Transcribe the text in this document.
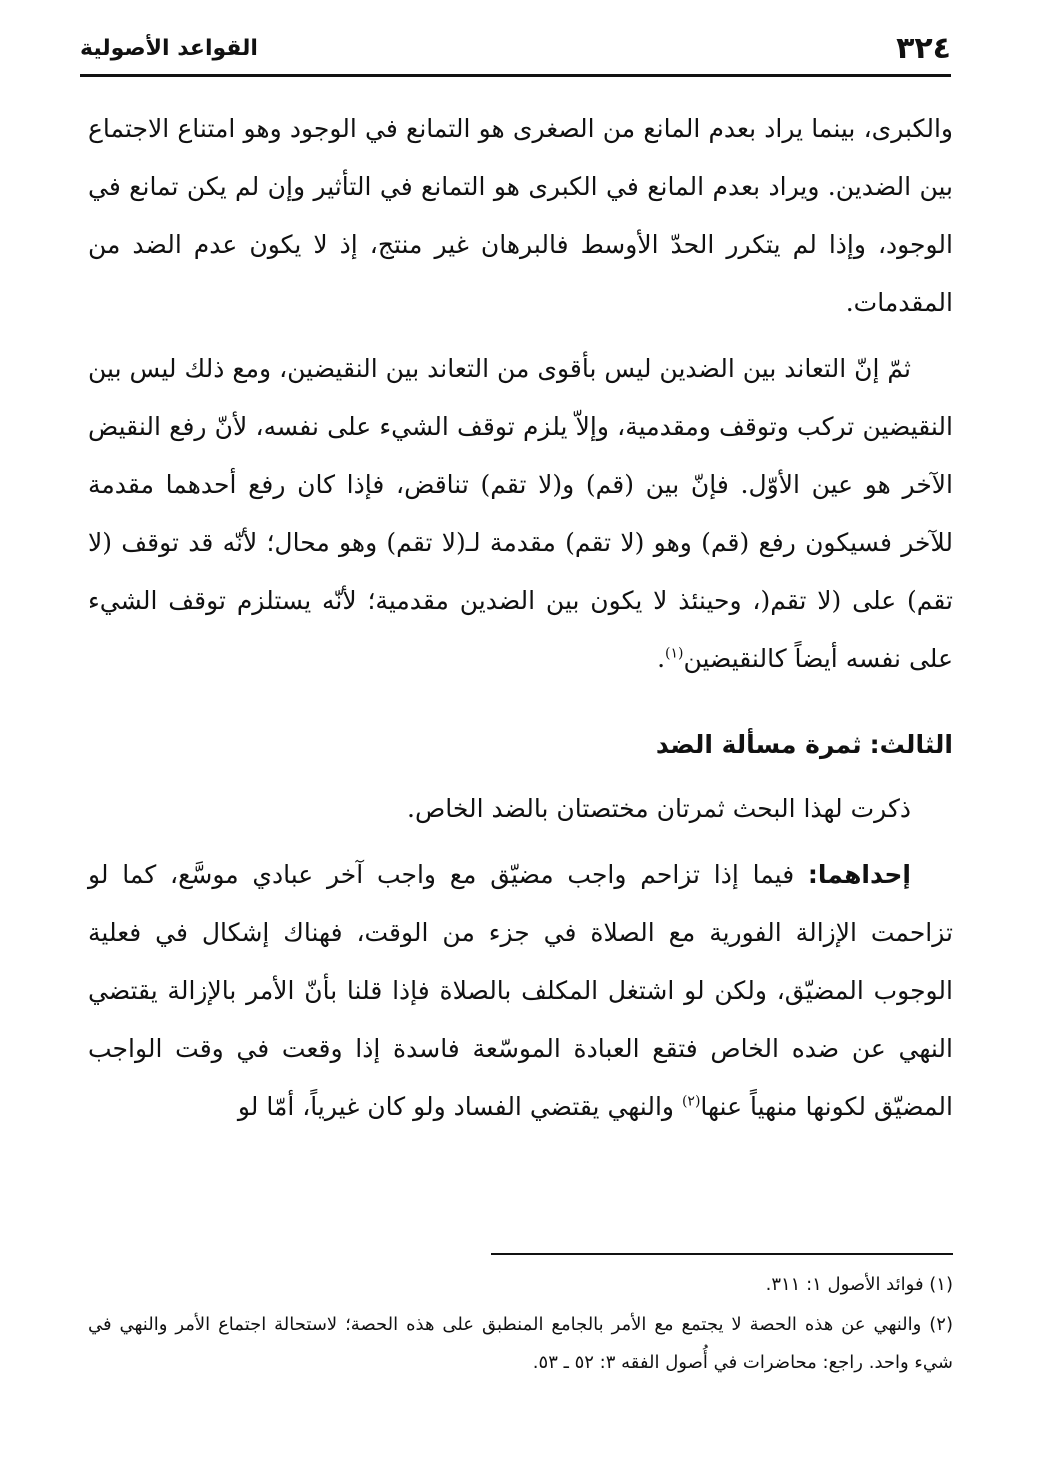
٣٢٤
القواعد الأصولية

والكبرى، بينما يراد بعدم المانع من الصغرى هو التمانع في الوجود وهو امتناع الاجتماع بين الضدين. ويراد بعدم المانع في الكبرى هو التمانع في التأثير وإن لم يكن تمانع في الوجود، وإذا لم يتكرر الحدّ الأوسط فالبرهان غير منتج، إذ لا يكون عدم الضد من المقدمات.

ثمّ إنّ التعاند بين الضدين ليس بأقوى من التعاند بين النقيضين، ومع ذلك ليس بين النقيضين تركب وتوقف ومقدمية، وإلاّ يلزم توقف الشيء على نفسه، لأنّ رفع النقيض الآخر هو عين الأوّل. فإنّ بين (قم) و(لا تقم) تناقض، فإذا كان رفع أحدهما مقدمة للآخر فسيكون رفع (قم) وهو (لا تقم) مقدمة لـ(لا تقم) وهو محال؛ لأنّه قد توقف (لا تقم) على (لا تقم(، وحينئذ لا يكون بين الضدين مقدمية؛ لأنّه يستلزم توقف الشيء على نفسه أيضاً كالنقيضين$^{(١)}$.

الثالث: ثمرة مسألة الضد

ذكرت لهذا البحث ثمرتان مختصتان بالضد الخاص.

إحداهما: فيما إذا تزاحم واجب مضيّق مع واجب آخر عبادي موسَّع، كما لو تزاحمت الإزالة الفورية مع الصلاة في جزء من الوقت، فهناك إشكال في فعلية الوجوب المضيّق، ولكن لو اشتغل المكلف بالصلاة فإذا قلنا بأنّ الأمر بالإزالة يقتضي النهي عن ضده الخاص فتقع العبادة الموسّعة فاسدة إذا وقعت في وقت الواجب المضيّق لكونها منهياً عنها$^{(٢)}$ والنهي يقتضي الفساد ولو كان غيرياً، أمّا لو

(١) فوائد الأصول ١: ٣١١.

(٢) والنهي عن هذه الحصة لا يجتمع مع الأمر بالجامع المنطبق على هذه الحصة؛ لاستحالة اجتماع الأمر والنهي في شيء واحد. راجع: محاضرات في أُصول الفقه ٣: ٥٢ ـ ٥٣.
